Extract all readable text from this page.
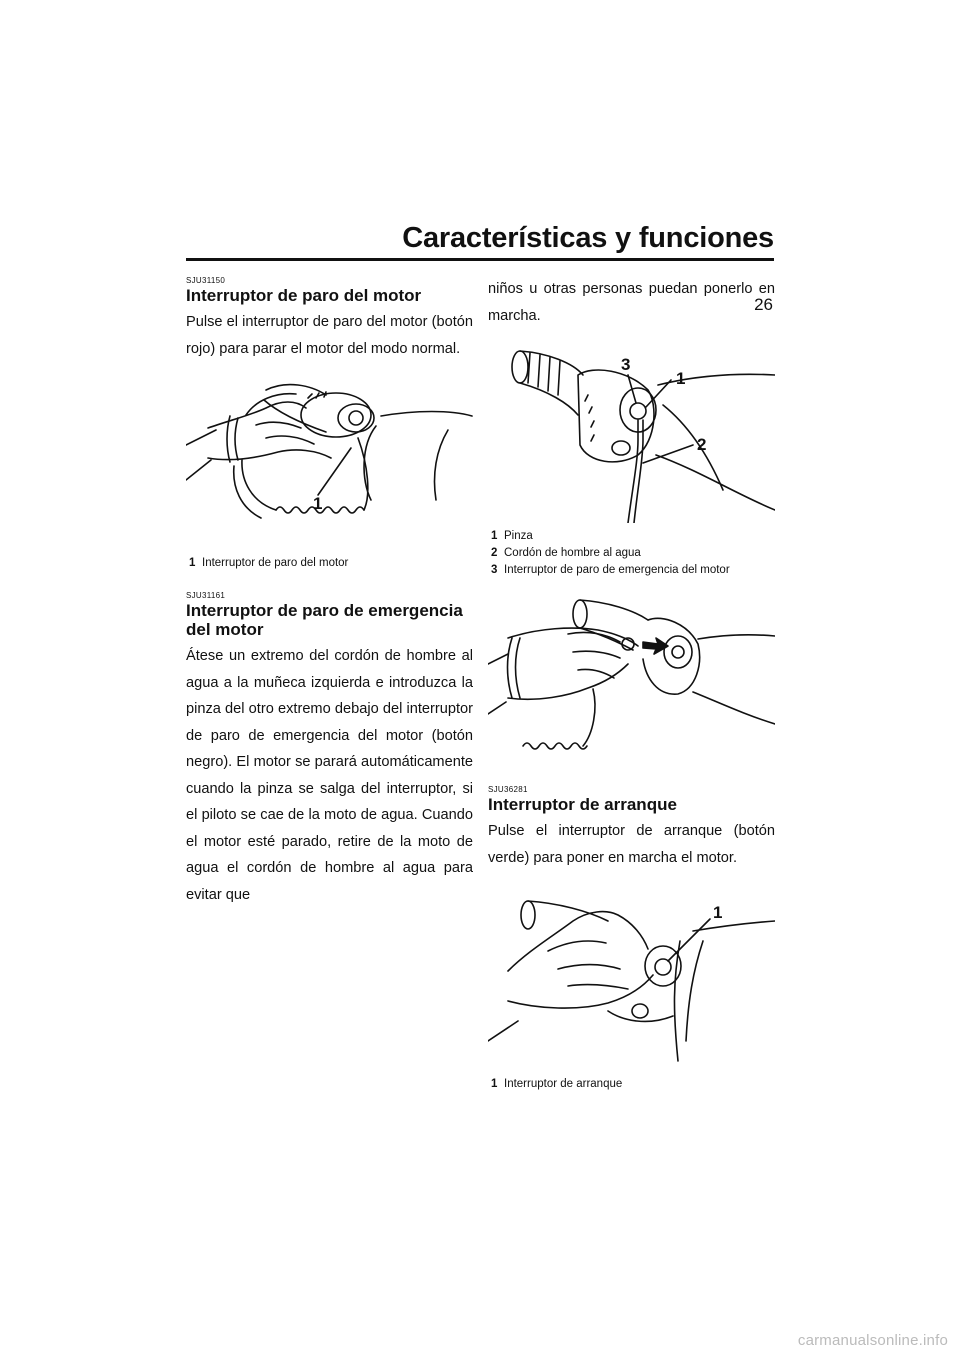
Características y funciones
26
SJU31150
Interruptor de paro del motor

Pulse el interruptor de paro del motor (botón rojo) para parar el motor del modo normal.

1
1 Interruptor de paro del motor
SJU31161
Interruptor de paro de emergencia del motor

Átese un extremo del cordón de hombre al agua a la muñeca izquierda e introduzca la pinza del otro extremo debajo del interruptor de paro de emergencia del motor (botón negro). El motor se parará automáticamente cuando la pinza se salga del interruptor, si el piloto se cae de la moto de agua. Cuando el motor esté parado, retire de la moto de agua el cordón de hombre al agua para evitar que

niños u otras personas puedan ponerlo en marcha.

3
1
2
1 Pinza
2 Cordón de hombre al agua
3 Interruptor de paro de emergencia del motor
SJU36281
Interruptor de arranque

Pulse el interruptor de arranque (botón verde) para poner en marcha el motor.

1
1 Interruptor de arranque
carmanualsonline.info
